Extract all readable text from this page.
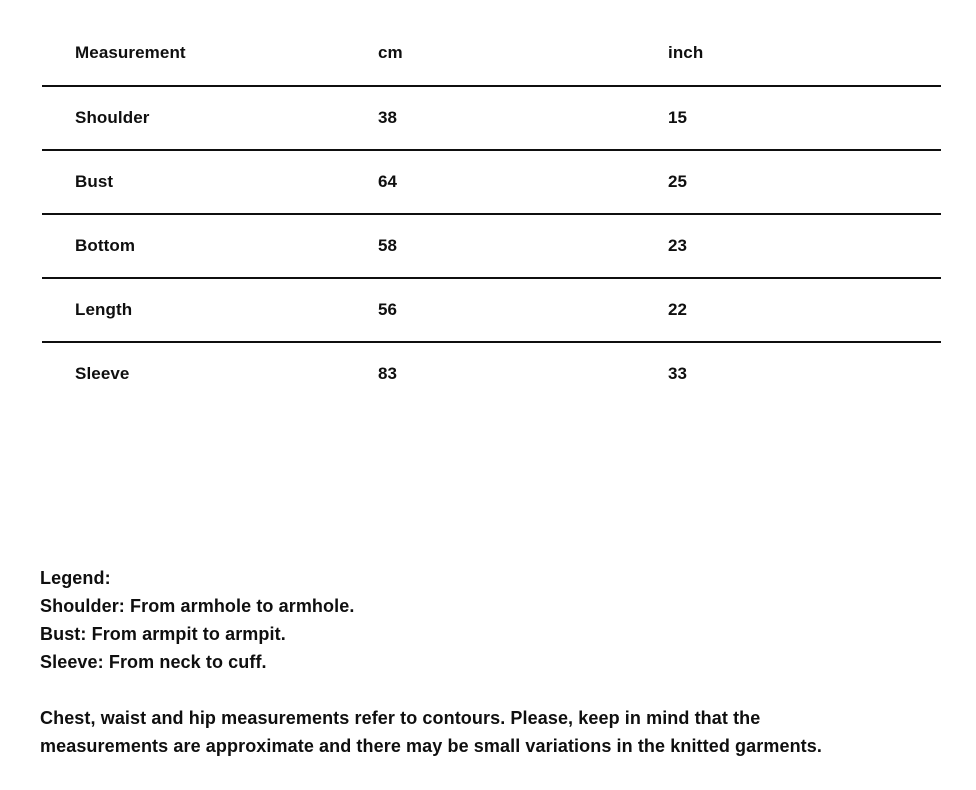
Measurement	cm	inch
Shoulder	38	15
Bust	64	25
Bottom	58	23
Length	56	22
Sleeve	83	33
Legend:
Shoulder: From armhole to armhole.
Bust: From armpit to armpit.
Sleeve: From neck to cuff.
Chest, waist and hip measurements refer to contours. Please, keep in mind that the
measurements are approximate and there may be small variations in the knitted garments.
